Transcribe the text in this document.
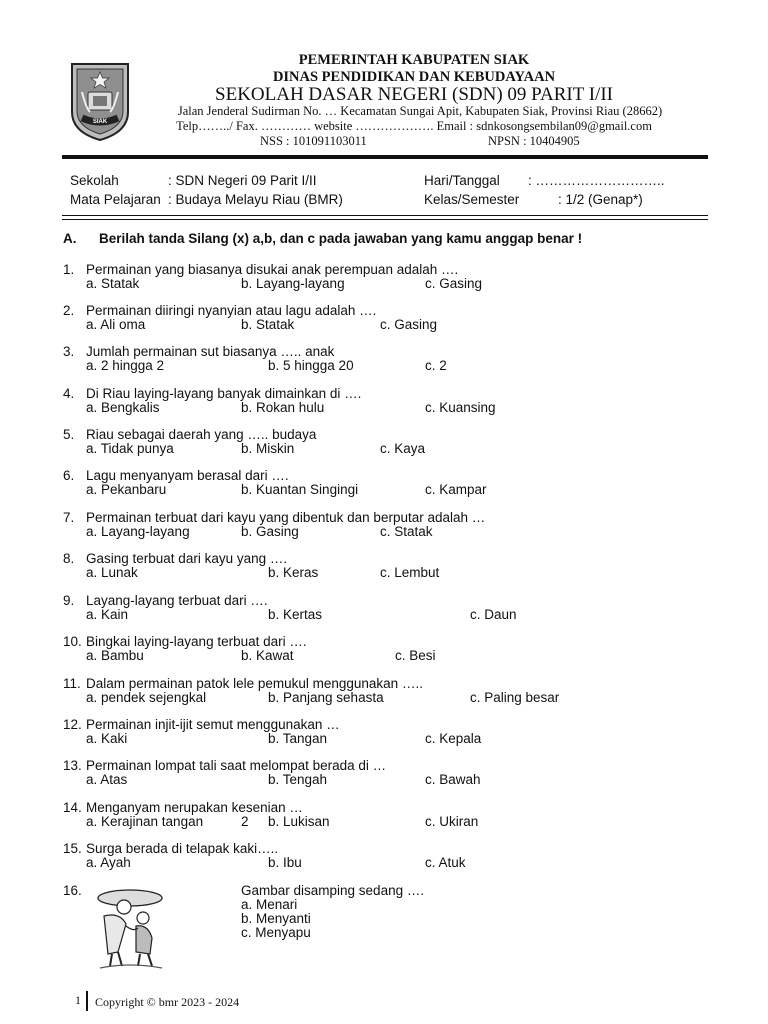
SIAK
PEMERINTAH KABUPATEN SIAK
DINAS PENDIDIKAN DAN KEBUDAYAAN
SEKOLAH DASAR NEGERI (SDN) 09 PARIT I/II
Jalan Jenderal Sudirman No. … Kecamatan Sungai Apit, Kabupaten Siak, Provinsi Riau (28662)
Telp……../ Fax. ………… website ………………. Email : sdnkosongsembilan09@gmail.com
NSS : 101091103011	NPSN : 10404905
Sekolah	: SDN Negeri 09 Parit I/II
Mata Pelajaran : Budaya Melayu Riau (BMR)
Hari/Tanggal : ………………………..
Kelas/Semester	: 1/2 (Genap*)
A. Berilah tanda Silang (x) a,b, dan c pada jawaban yang kamu anggap benar !
1. Permainan yang biasanya disukai anak perempuan adalah ….
a. Statak	b. Layang-layang	c. Gasing
2. Permainan diiringi nyanyian atau lagu adalah ….
a. Ali oma	b. Statak	c. Gasing
3. Jumlah permainan sut biasanya ….. anak
a. 2 hingga 2	b. 5 hingga 20	c. 2
4. Di Riau laying-layang banyak dimainkan di ….
a. Bengkalis	b. Rokan hulu	c. Kuansing
5. Riau sebagai daerah yang ….. budaya
a. Tidak punya	b. Miskin	c. Kaya
6. Lagu menyanyam berasal dari ….
a. Pekanbaru	b. Kuantan Singingi	c. Kampar
7. Permainan terbuat dari kayu yang dibentuk dan berputar adalah …
a. Layang-layang	b. Gasing	c. Statak
8. Gasing terbuat dari kayu yang ….
a. Lunak	b. Keras	c. Lembut
9. Layang-layang terbuat dari ….
a. Kain	b. Kertas	c. Daun
10. Bingkai laying-layang terbuat dari ….
a. Bambu	b. Kawat	c. Besi
11. Dalam permainan patok lele pemukul menggunakan …..
a. pendek sejengkal	b. Panjang sehasta	c. Paling besar
12. Permainan injit-ijit semut menggunakan …
a. Kaki	b. Tangan	c. Kepala
13. Permainan lompat tali saat melompat berada di …
a. Atas	b. Tengah	c. Bawah
14. Menganyam nerupakan kesenian …
a. Kerajinan tangan	b. Lukisan	c. Ukiran
2
15. Surga berada di telapak kaki…..
a. Ayah	b. Ibu	c. Atuk
16.	Gambar disamping sedang ….
a. Menari
b. Menyanti
c. Menyapu
1 Copyright © bmr 2023 - 2024
